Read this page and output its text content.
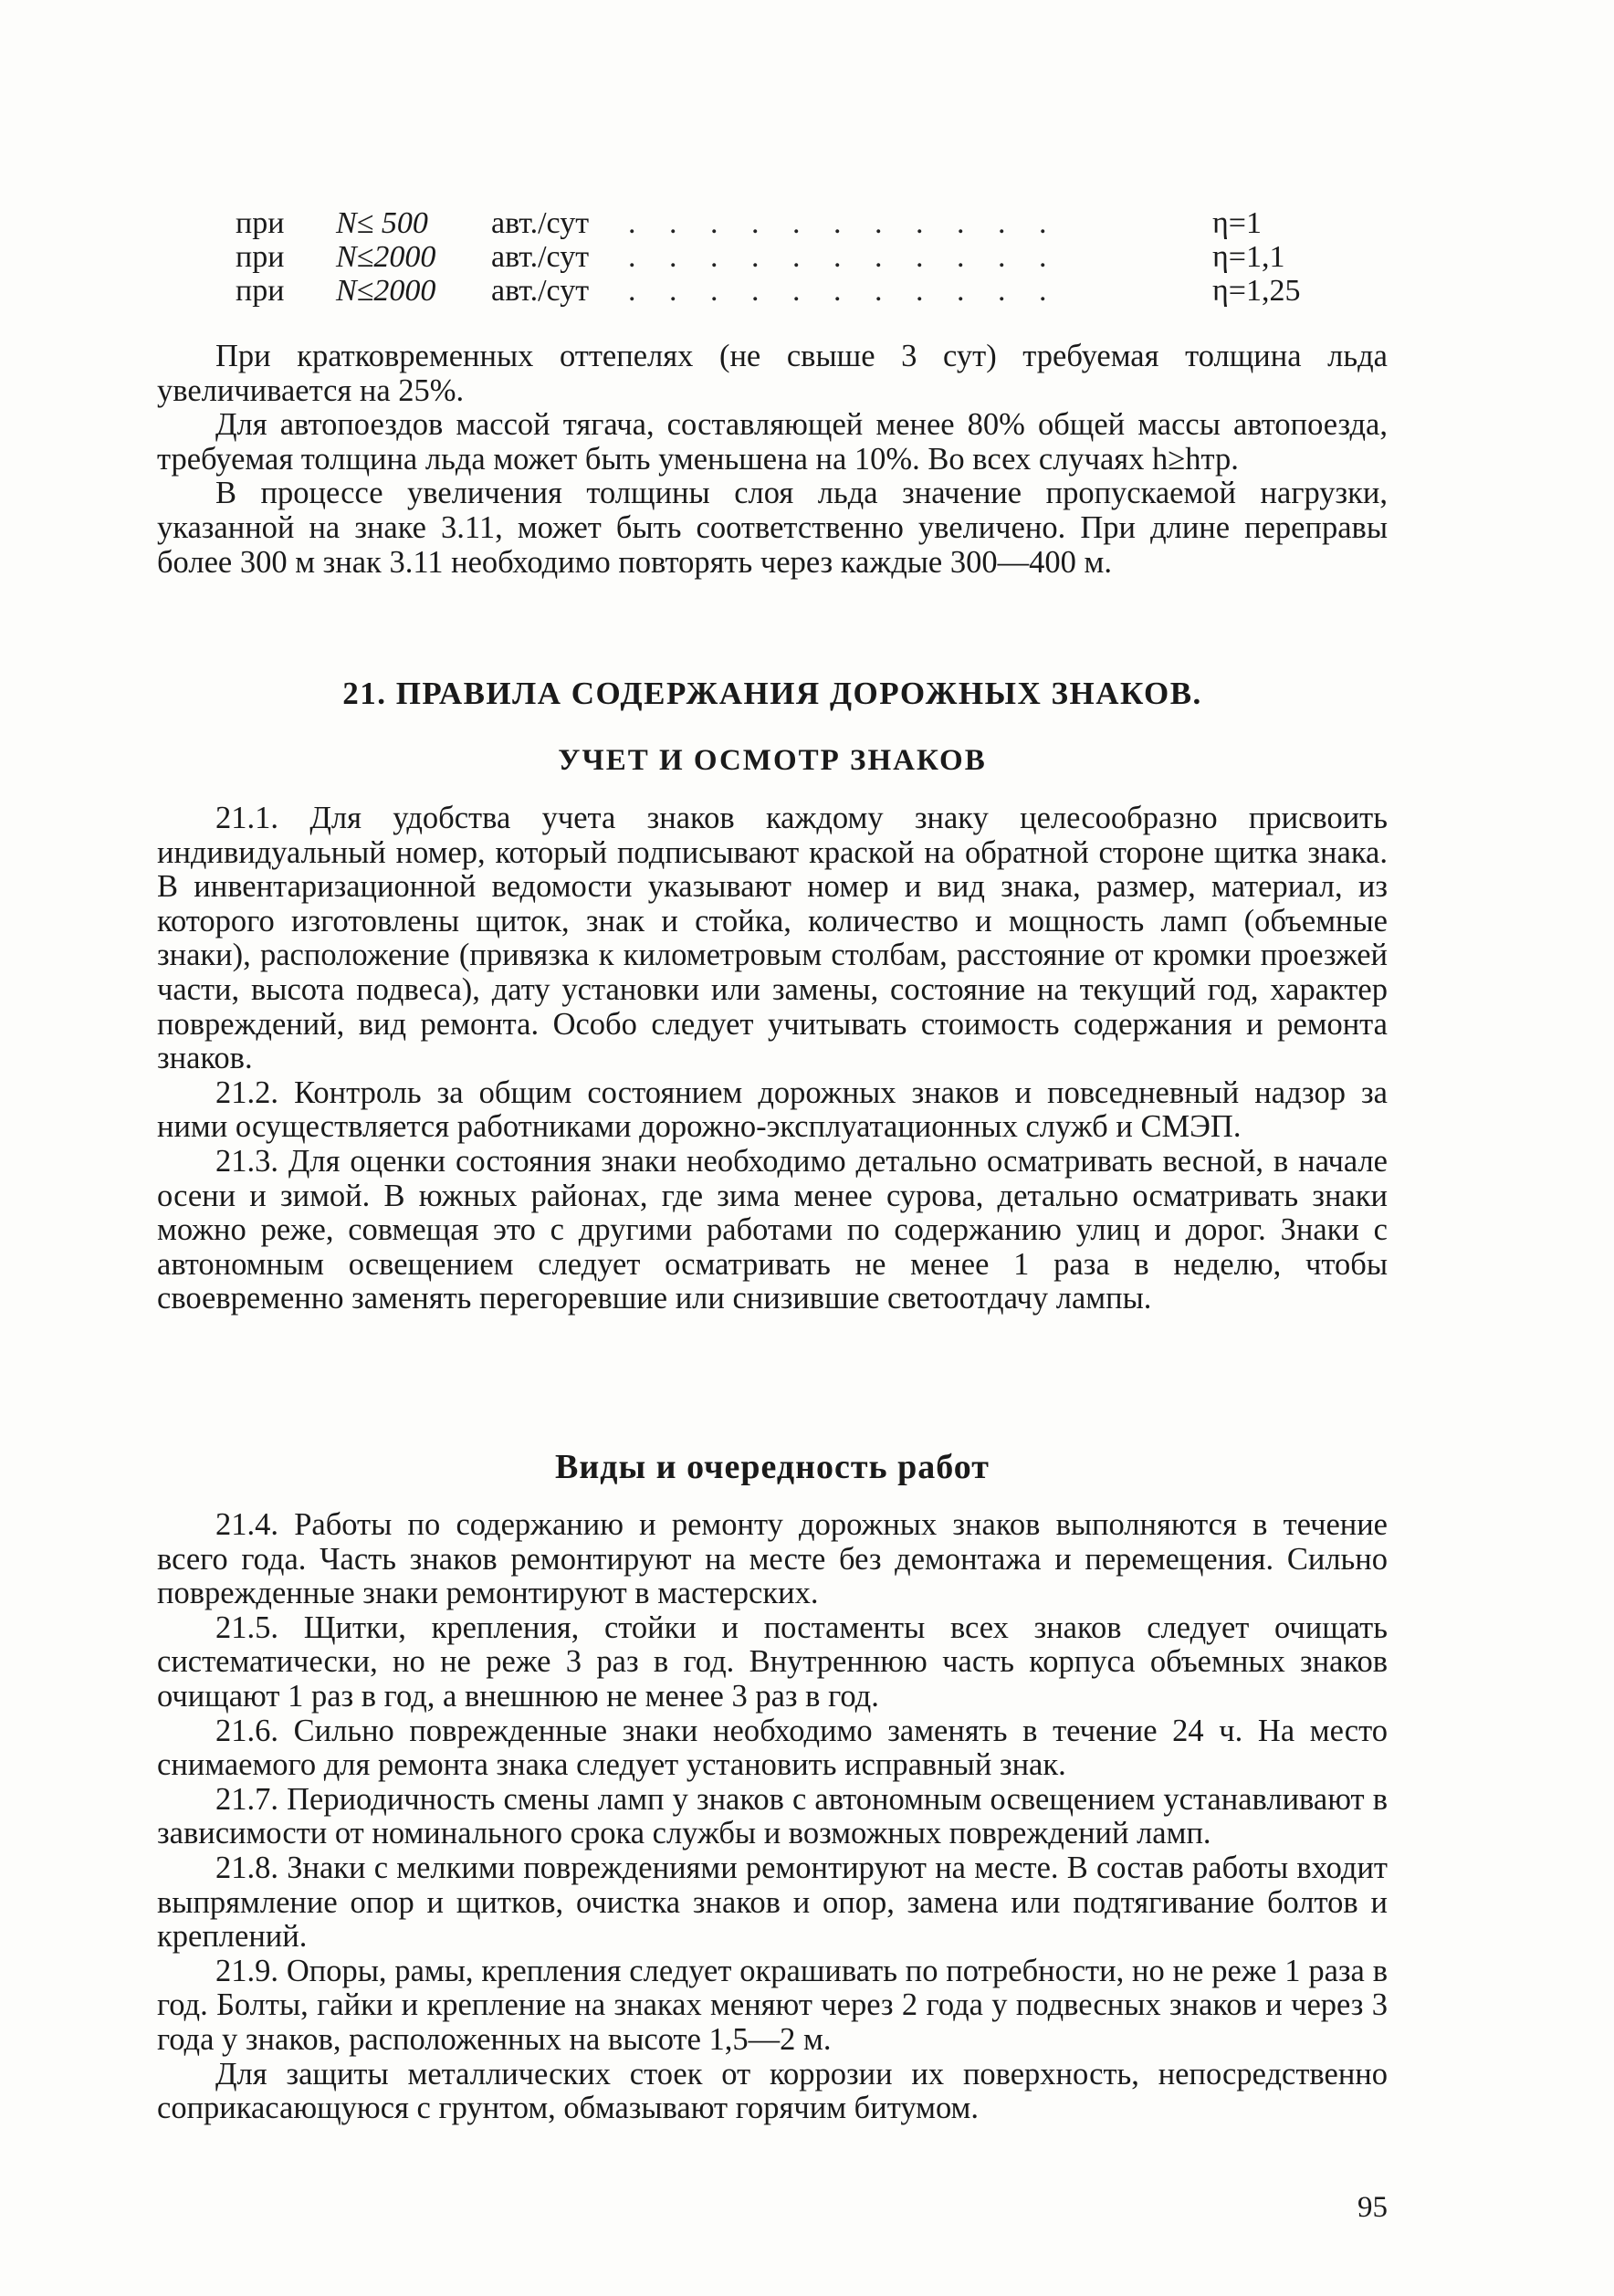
при	N≤ 500	авт./сут	. . . . . . . . . . .	η=1
при	N≤2000	авт./сут	. . . . . . . . . . .	η=1,1
при	N≤2000	авт./сут	. . . . . . . . . . .	η=1,25

При кратковременных оттепелях (не свыше 3 сут) требуемая толщина льда увеличивается на 25%.

Для автопоездов массой тягача, составляющей менее 80% общей массы автопоезда, требуемая толщина льда может быть уменьшена на 10%. Во всех случаях h≥hтр.

В процессе увеличения толщины слоя льда значение пропускаемой нагрузки, указанной на знаке 3.11, может быть соответственно увеличено. При длине переправы более 300 м знак 3.11 необходимо повторять через каждые 300—400 м.

21. ПРАВИЛА СОДЕРЖАНИЯ ДОРОЖНЫХ ЗНАКОВ.
УЧЕТ И ОСМОТР ЗНАКОВ

21.1. Для удобства учета знаков каждому знаку целесообразно присвоить индивидуальный номер, который подписывают краской на обратной стороне щитка знака. В инвентаризационной ведомости указывают номер и вид знака, размер, материал, из которого изготовлены щиток, знак и стойка, количество и мощность ламп (объемные знаки), расположение (привязка к километровым столбам, расстояние от кромки проезжей части, высота подвеса), дату установки или замены, состояние на текущий год, характер повреждений, вид ремонта. Особо следует учитывать стоимость содержания и ремонта знаков.

21.2. Контроль за общим состоянием дорожных знаков и повседневный надзор за ними осуществляется работниками дорожно-эксплуатационных служб и СМЭП.

21.3. Для оценки состояния знаки необходимо детально осматривать весной, в начале осени и зимой. В южных районах, где зима менее сурова, детально осматривать знаки можно реже, совмещая это с другими работами по содержанию улиц и дорог. Знаки с автономным освещением следует осматривать не менее 1 раза в неделю, чтобы своевременно заменять перегоревшие или снизившие светоотдачу лампы.

Виды и очередность работ

21.4. Работы по содержанию и ремонту дорожных знаков выполняются в течение всего года. Часть знаков ремонтируют на месте без демонтажа и перемещения. Сильно поврежденные знаки ремонтируют в мастерских.

21.5. Щитки, крепления, стойки и постаменты всех знаков следует очищать систематически, но не реже 3 раз в год. Внутреннюю часть корпуса объемных знаков очищают 1 раз в год, а внешнюю не менее 3 раз в год.

21.6. Сильно поврежденные знаки необходимо заменять в течение 24 ч. На место снимаемого для ремонта знака следует установить исправный знак.

21.7. Периодичность смены ламп у знаков с автономным освещением устанавливают в зависимости от номинального срока службы и возможных повреждений ламп.

21.8. Знаки с мелкими повреждениями ремонтируют на месте. В состав работы входит выпрямление опор и щитков, очистка знаков и опор, замена или подтягивание болтов и креплений.

21.9. Опоры, рамы, крепления следует окрашивать по потребности, но не реже 1 раза в год. Болты, гайки и крепление на знаках меняют через 2 года у подвесных знаков и через 3 года у знаков, расположенных на высоте 1,5—2 м.

Для защиты металлических стоек от коррозии их поверхность, непосредственно соприкасающуюся с грунтом, обмазывают горячим битумом.

95
